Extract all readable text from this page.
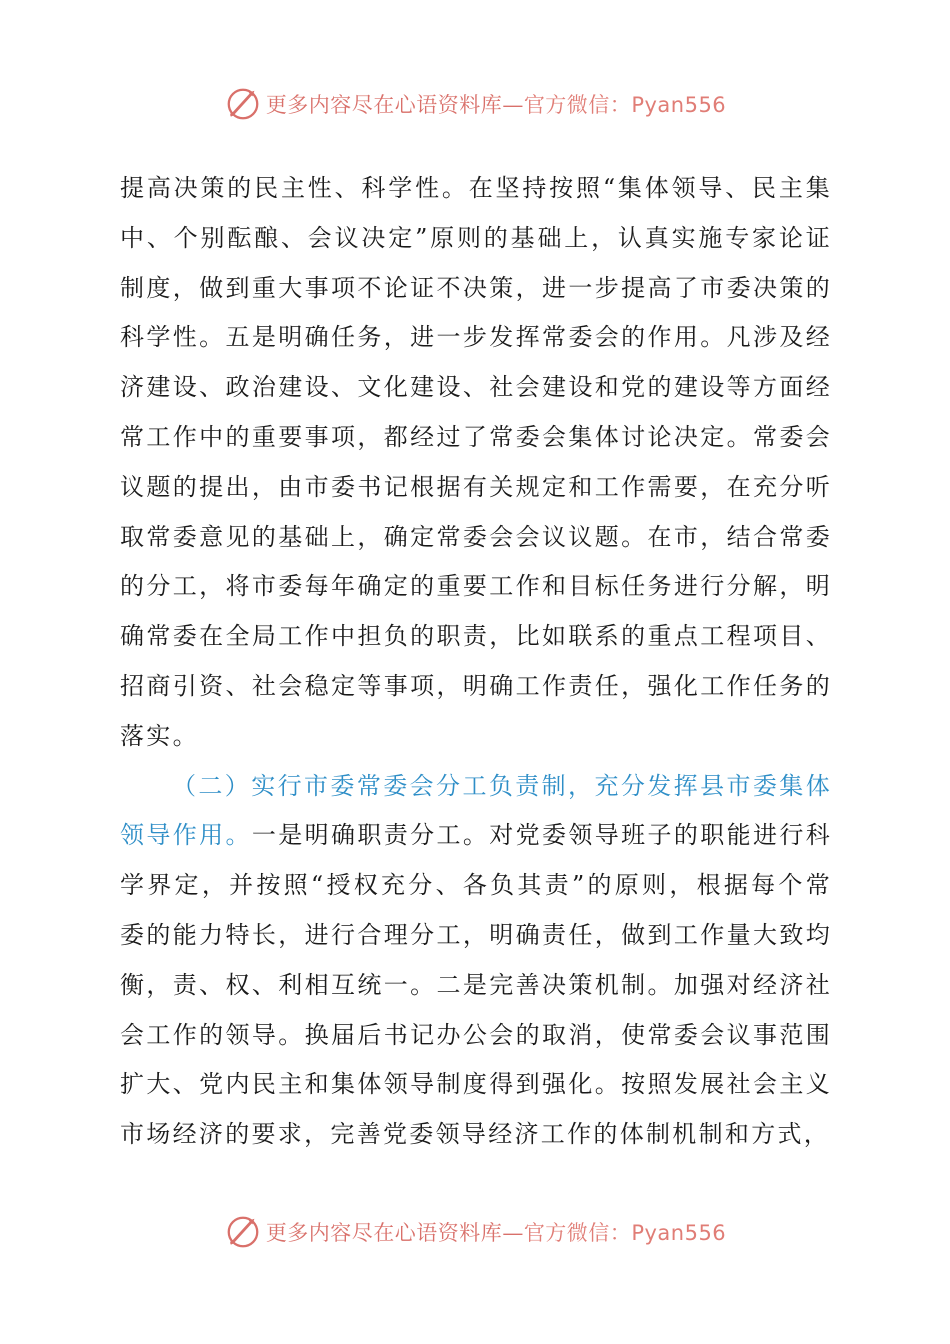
更多内容尽在心语资料库—官方微信：Pyan556

提高决策的民主性、科学性。在坚持按照“集体领导、民主集中、个别酝酿、会议决定”原则的基础上，认真实施专家论证制度，做到重大事项不论证不决策，进一步提高了市委决策的科学性。五是明确任务，进一步发挥常委会的作用。凡涉及经济建设、政治建设、文化建设、社会建设和党的建设等方面经常工作中的重要事项，都经过了常委会集体讨论决定。常委会议题的提出，由市委书记根据有关规定和工作需要，在充分听取常委意见的基础上，确定常委会会议议题。在市，结合常委的分工，将市委每年确定的重要工作和目标任务进行分解，明确常委在全局工作中担负的职责，比如联系的重点工程项目、招商引资、社会稳定等事项，明确工作责任，强化工作任务的落实。

（二）实行市委常委会分工负责制，充分发挥县市委集体领导作用。一是明确职责分工。对党委领导班子的职能进行科学界定，并按照“授权充分、各负其责”的原则，根据每个常委的能力特长，进行合理分工，明确责任，做到工作量大致均衡，责、权、利相互统一。二是完善决策机制。加强对经济社会工作的领导。换届后书记办公会的取消，使常委会议事范围扩大、党内民主和集体领导制度得到强化。按照发展社会主义市场经济的要求，完善党委领导经济工作的体制机制和方式，

更多内容尽在心语资料库—官方微信：Pyan556
